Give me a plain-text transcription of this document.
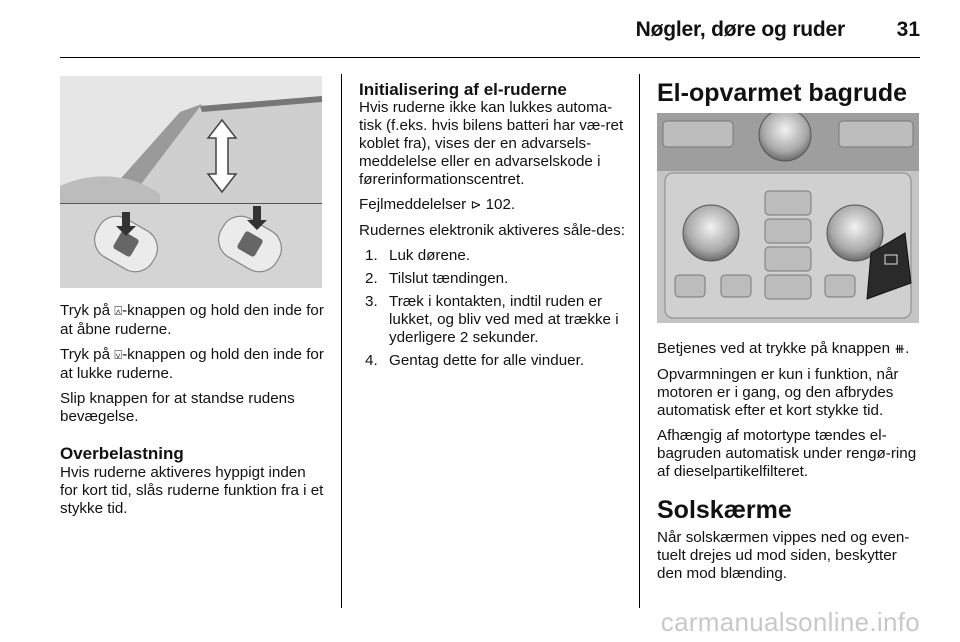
Nøgler, døre og ruder 31

Tryk på ⍓-knappen og hold den inde for at åbne ruderne.

Tryk på ⍌-knappen og hold den inde for at lukke ruderne.

Slip knappen for at standse rudens bevægelse.

Overbelastning

Hvis ruderne aktiveres hyppigt inden for kort tid, slås ruderne funktion fra i et stykke tid.

Initialisering af el-ruderne

Hvis ruderne ikke kan lukkes automa-tisk (f.eks. hvis bilens batteri har væ-ret koblet fra), vises der en advarsels-meddelelse eller en advarselskode i førerinformationscentret.

Fejlmeddelelser ⊳ 102.

Rudernes elektronik aktiveres såle-des:

1. Luk dørene.
2. Tilslut tændingen.
3. Træk i kontakten, indtil ruden er lukket, og bliv ved med at trække i yderligere 2 sekunder.
4. Gentag dette for alle vinduer.
El-opvarmet bagrude

Betjenes ved at trykke på knappen ⧻.

Opvarmningen er kun i funktion, når motoren er i gang, og den afbrydes automatisk efter et kort stykke tid.

Afhængig af motortype tændes el-bagruden automatisk under rengø-ring af dieselpartikelfilteret.

Solskærme

Når solskærmen vippes ned og even-tuelt drejes ud mod siden, beskytter den mod blænding.

carmanualsonline.info
